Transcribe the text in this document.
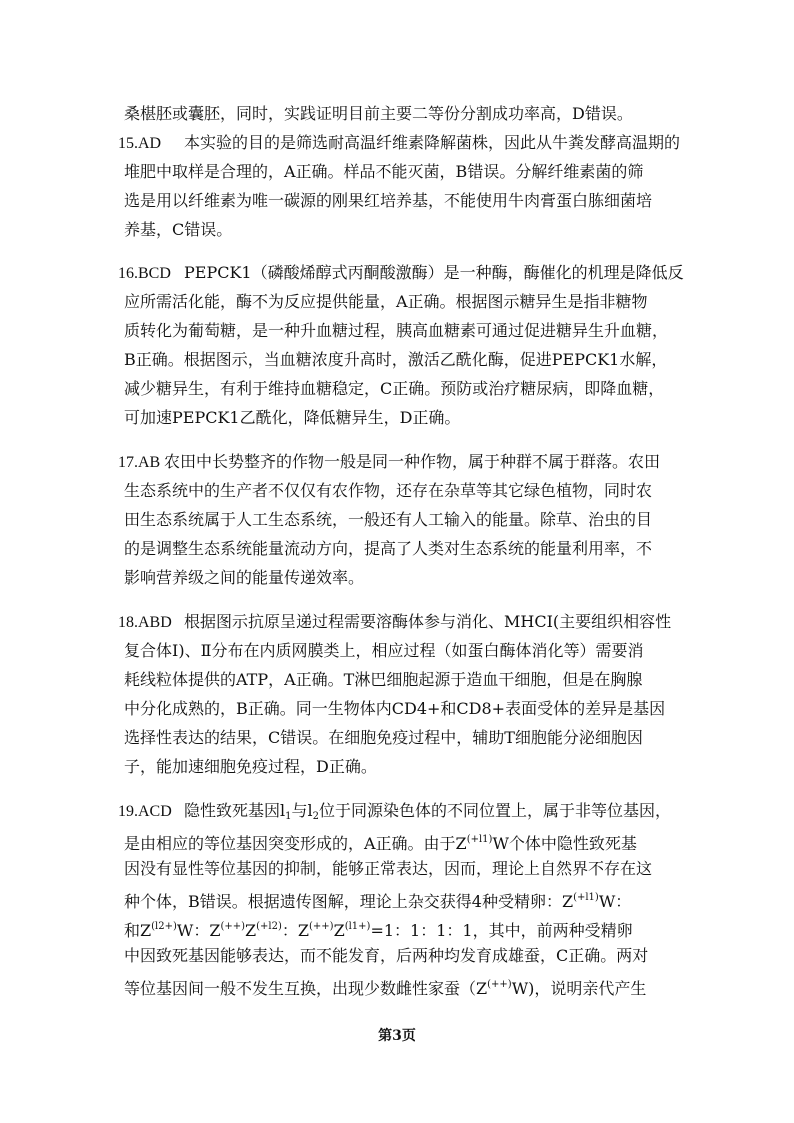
桑椹胚或囊胚，同时，实践证明目前主要二等份分割成功率高，D错误。
15.AD 本实验的目的是筛选耐高温纤维素降解菌株，因此从牛粪发酵高温期的
堆肥中取样是合理的，A正确。样品不能灭菌，B错误。分解纤维素菌的筛
选是用以纤维素为唯一碳源的刚果红培养基，不能使用牛肉膏蛋白胨细菌培
养基，C错误。
16.BCD PEPCK1（磷酸烯醇式丙酮酸激酶）是一种酶，酶催化的机理是降低反
应所需活化能，酶不为反应提供能量，A正确。根据图示糖异生是指非糖物
质转化为葡萄糖，是一种升血糖过程，胰高血糖素可通过促进糖异生升血糖，
B正确。根据图示，当血糖浓度升高时，激活乙酰化酶，促进PEPCK1水解，
减少糖异生，有利于维持血糖稳定，C正确。预防或治疗糖尿病，即降血糖，
可加速PEPCK1乙酰化，降低糖异生，D正确。
17.AB 农田中长势整齐的作物一般是同一种作物，属于种群不属于群落。农田
生态系统中的生产者不仅仅有农作物，还存在杂草等其它绿色植物，同时农
田生态系统属于人工生态系统，一般还有人工输入的能量。除草、治虫的目
的是调整生态系统能量流动方向，提高了人类对生态系统的能量利用率，不
影响营养级之间的能量传递效率。
18.ABD 根据图示抗原呈递过程需要溶酶体参与消化、MHCⅠ(主要组织相容性
复合体Ⅰ)、Ⅱ分布在内质网膜类上，相应过程（如蛋白酶体消化等）需要消
耗线粒体提供的ATP，A正确。T淋巴细胞起源于造血干细胞，但是在胸腺
中分化成熟的，B正确。同一生物体内CD4+和CD8+表面受体的差异是基因
选择性表达的结果，C错误。在细胞免疫过程中，辅助T细胞能分泌细胞因
子，能加速细胞免疫过程，D正确。
19.ACD 隐性致死基因$l_1$与$l_2$位于同源染色体的不同位置上，属于非等位基因，
是由相应的等位基因突变形成的，A正确。由于$Z^{(+l1)}W$个体中隐性致死基
因没有显性等位基因的抑制，能够正常表达，因而，理论上自然界不存在这
种个体，B错误。根据遗传图解，理论上杂交获得4种受精卵：$Z^{(+l1)}W$：
和$Z^{(l2+)}W$：$Z^{(++)}Z^{(+l2)}$：$Z^{(++)}Z^{(l1+)}=1$：1：1：1，其中，前两种受精卵
中因致死基因能够表达，而不能发育，后两种均发育成雄蚕，C正确。两对
等位基因间一般不发生互换，出现少数雌性家蚕（Z(++)W)，说明亲代产生
第3页
